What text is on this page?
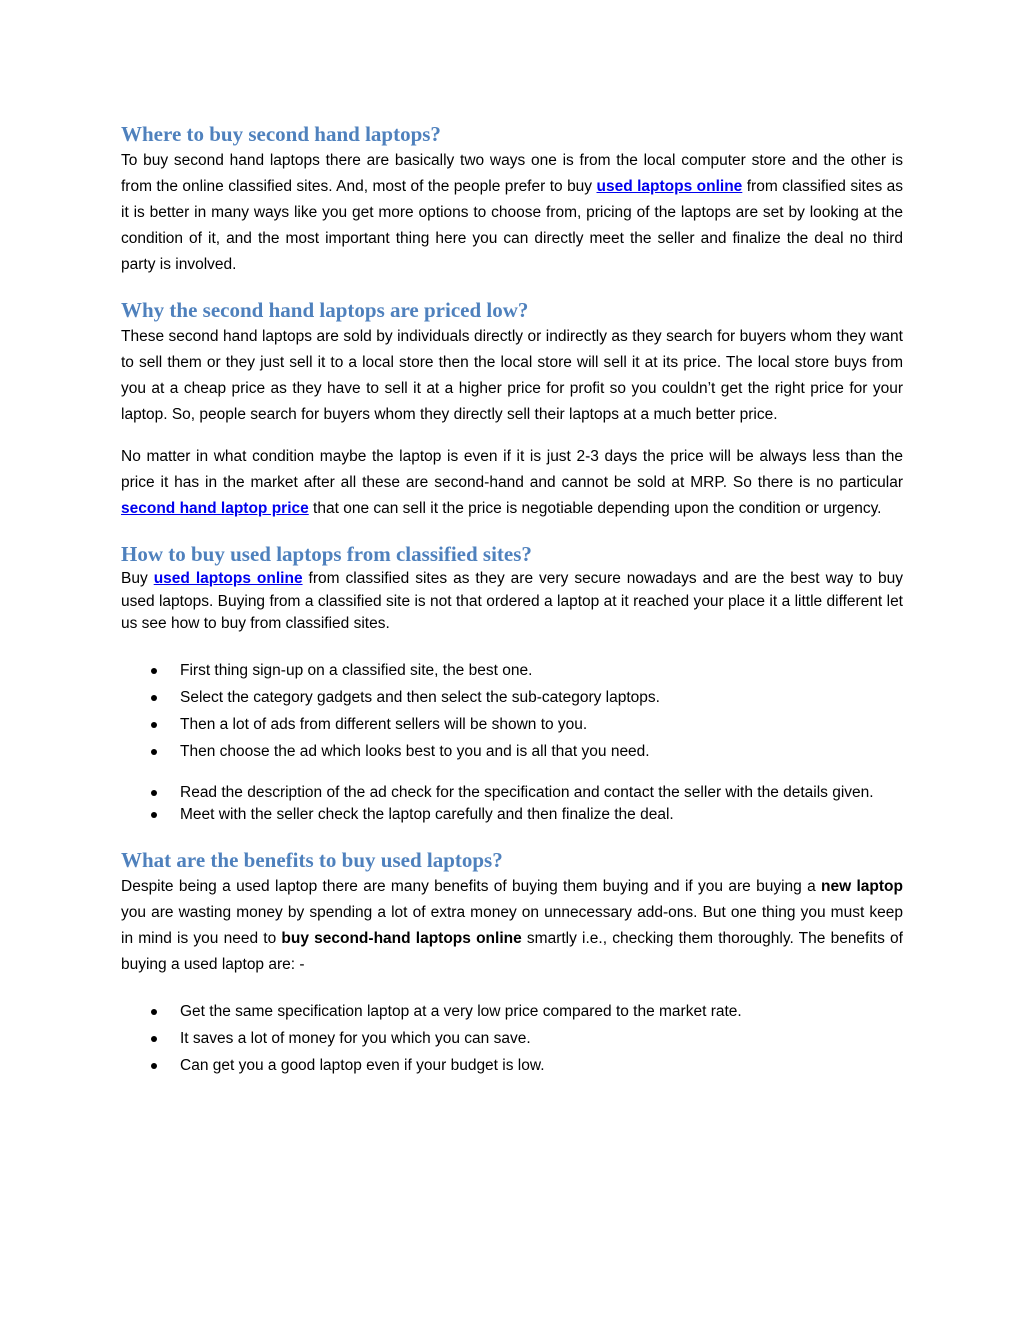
Where to buy second hand laptops?

To buy second hand laptops there are basically two ways one is from the local computer store and the other is from the online classified sites. And, most of the people prefer to buy used laptops online from classified sites as it is better in many ways like you get more options to choose from, pricing of the laptops are set by looking at the condition of it, and the most important thing here you can directly meet the seller and finalize the deal no third party is involved.

Why the second hand laptops are priced low?

These second hand laptops are sold by individuals directly or indirectly as they search for buyers whom they want to sell them or they just sell it to a local store then the local store will sell it at its price. The local store buys from you at a cheap price as they have to sell it at a higher price for profit so you couldn’t get the right price for your laptop. So, people search for buyers whom they directly sell their laptops at a much better price.

No matter in what condition maybe the laptop is even if it is just 2-3 days the price will be always less than the price it has in the market after all these are second-hand and cannot be sold at MRP. So there is no particular second hand laptop price that one can sell it the price is negotiable depending upon the condition or urgency.

How to buy used laptops from classified sites?

Buy used laptops online from classified sites as they are very secure nowadays and are the best way to buy used laptops. Buying from a classified site is not that ordered a laptop at it reached your place it a little different let us see how to buy from classified sites.

First thing sign-up on a classified site, the best one.
Select the category gadgets and then select the sub-category laptops.
Then a lot of ads from different sellers will be shown to you.
Then choose the ad which looks best to you and is all that you need.
Read the description of the ad check for the specification and contact the seller with the details given.
Meet with the seller check the laptop carefully and then finalize the deal.
What are the benefits to buy used laptops?

Despite being a used laptop there are many benefits of buying them buying and if you are buying a new laptop you are wasting money by spending a lot of extra money on unnecessary add-ons. But one thing you must keep in mind is you need to buy second-hand laptops online smartly i.e., checking them thoroughly. The benefits of buying a used laptop are: -

Get the same specification laptop at a very low price compared to the market rate.
It saves a lot of money for you which you can save.
Can get you a good laptop even if your budget is low.
